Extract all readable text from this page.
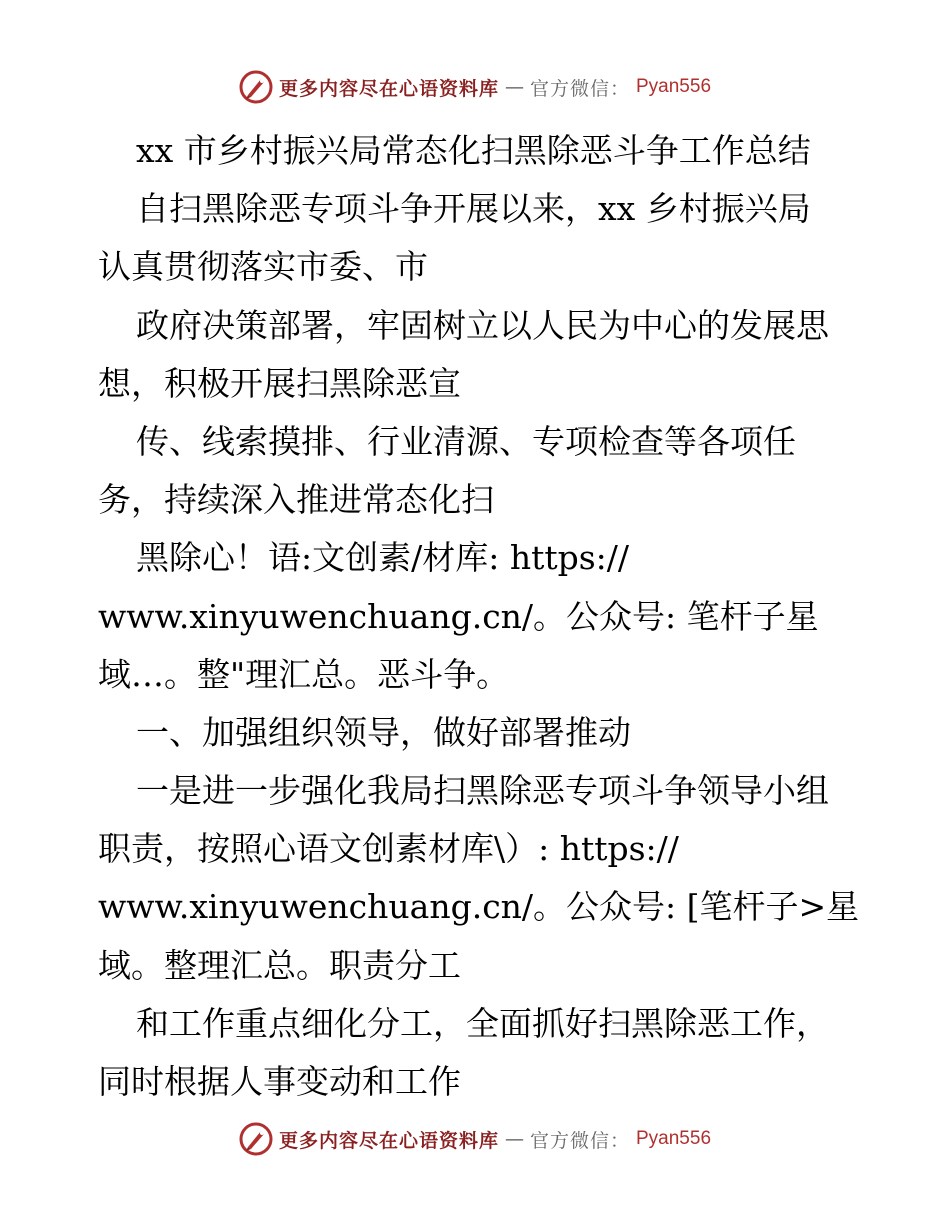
更多内容尽在心语资料库 — 官方微信： Pyan556
xx 市乡村振兴局常态化扫黑除恶斗争工作总结
自扫黑除恶专项斗争开展以来，xx 乡村振兴局
认真贯彻落实市委、市
政府决策部署，牢固树立以人民为中心的发展思
想，积极开展扫黑除恶宣
传、线索摸排、行业清源、专项检查等各项任
务，持续深入推进常态化扫
黑除心！语:文创素/材库: https://
www.xinyuwenchuang.cn/。公众号: 笔杆子星
域…。整"理汇总。恶斗争。
一、加强组织领导，做好部署推动
一是进一步强化我局扫黑除恶专项斗争领导小组
职责，按照心语文创素材库\）: https://
www.xinyuwenchuang.cn/。公众号: [笔杆子>星
域。整理汇总。职责分工
和工作重点细化分工，全面抓好扫黑除恶工作，
同时根据人事变动和工作
更多内容尽在心语资料库 — 官方微信： Pyan556
